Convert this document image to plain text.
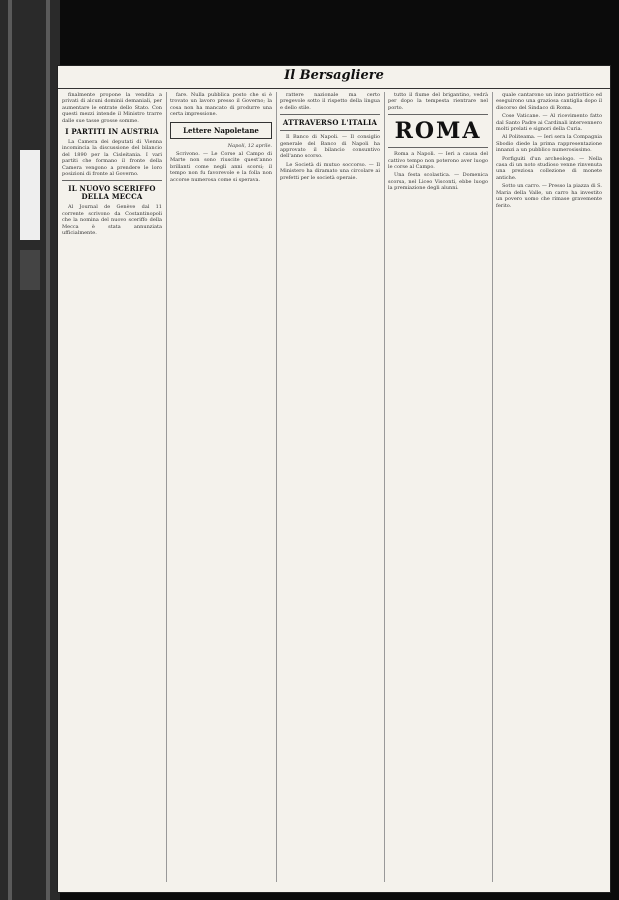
Il Bersagliere

finalmente propone la vendita a privati di alcuni dominii demaniali, per aumentare le entrate dello Stato. Con questi mezzi intende il Ministro trarre dalle sue tasse grosse somme.

I PARTITI IN AUSTRIA

La Camera dei deputati di Vienna incomincia la discussione del bilancio del 1890 per la Cisleitania. I vari partiti che formano il fronte della Camera vengono a prendere le loro posizioni di fronte al Governo.

IL NUOVO SCERIFFO DELLA MECCA

Al Journal de Genève dal 11 corrente scrivono da Costantinopoli che la nomina del nuovo sceriffo della Mecca è stata annunziata ufficialmente.

fare. Nulla pubblica posto che si è trovato un lavoro presso il Governo; la cosa non ha mancato di produrre una certa impressione.

Lettere Napoletane
Napoli, 12 aprile.

Scrivono. — Le Corse al Campo di Marte non sono riuscite quest'anno brillanti come negli anni scorsi; il tempo non fu favorevole e la folla non accorse numerosa come si sperava.

rattere nazionale ma certo pregevole sotto il rispetto della lingua e dello stile.

ATTRAVERSO L'ITALIA

Il Banco di Napoli. — Il consiglio generale del Banco di Napoli ha approvato il bilancio consuntivo dell'anno scorso.

Le Società di mutuo soccorso. — Il Ministero ha diramato una circolare ai prefetti per le società operaie.

tutto il fiume del brigantino, vedrà per dopo la tempesta rientrare nel porto.

ROMA

Roma a Napoli. — Ieri a causa del cattivo tempo non poterono aver luogo le corse al Campo.

Una festa scolastica. — Domenica scorsa, nel Liceo Visconti, ebbe luogo la premiazione degli alunni.

quale cantarono un inno patriottico ed eseguirono una graziosa cantiglia dopo il discorso del Sindaco di Roma.

Cose Vaticane. — Al ricevimento fatto dal Santo Padre ai Cardinali intervennero molti prelati e signori della Curia.

Al Politeama. — Ieri sera la Compagnia Sbodio diede la prima rappresentazione innanzi a un pubblico numerosissimo.

Porfiguiti d'un archeologo. — Nella casa di un noto studioso venne rinvenuta una preziosa collezione di monete antiche.

Sotto un carro. — Presso la piazza di S. Maria della Valle, un carro ha investito un povero uomo che rimase gravemente ferito.
